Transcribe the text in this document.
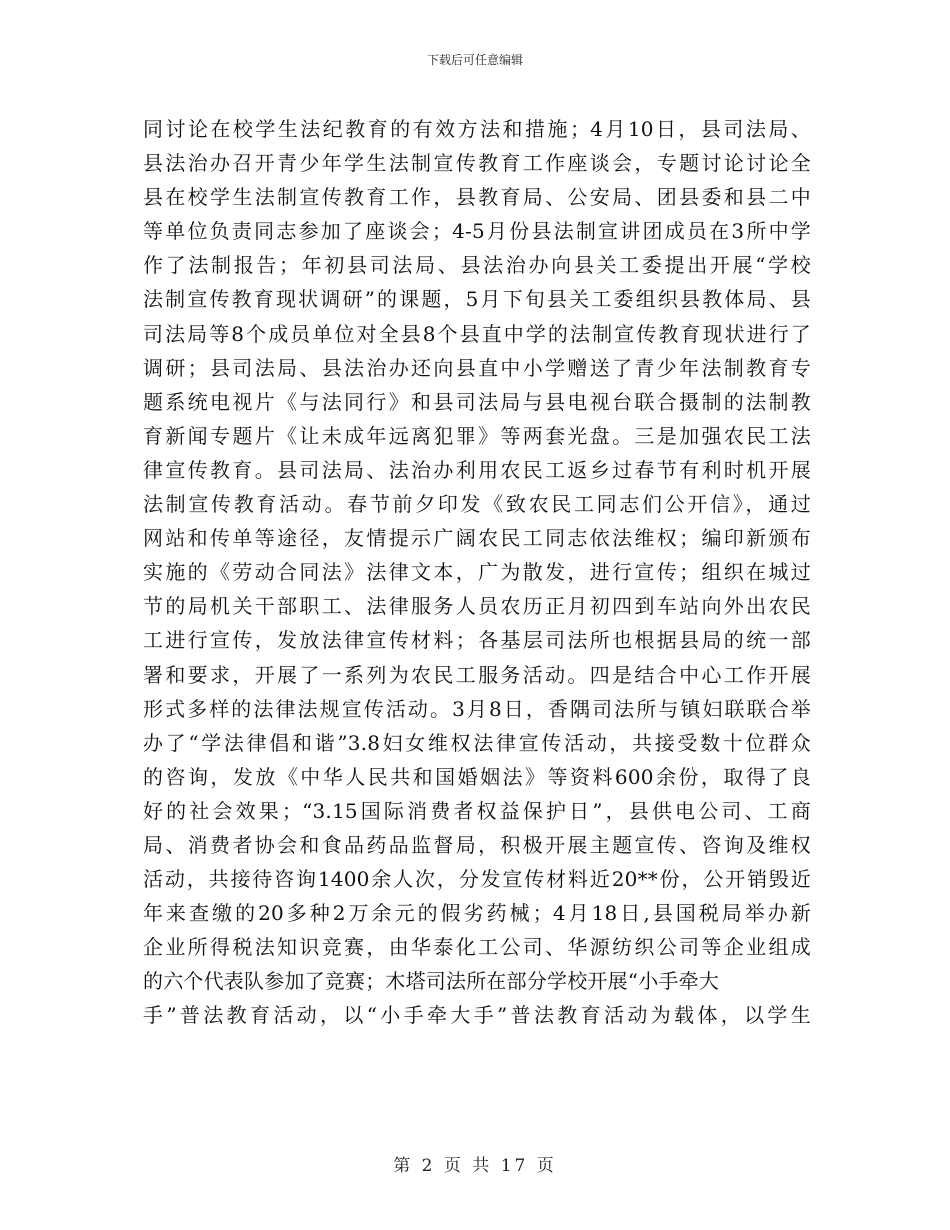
下载后可任意编辑
同讨论在校学生法纪教育的有效方法和措施；4月10日，县司法局、
县法治办召开青少年学生法制宣传教育工作座谈会，专题讨论讨论全
县在校学生法制宣传教育工作，县教育局、公安局、团县委和县二中
等单位负责同志参加了座谈会；4-5月份县法制宣讲团成员在3所中学
作了法制报告；年初县司法局、县法治办向县关工委提出开展“学校
法制宣传教育现状调研”的课题，5月下旬县关工委组织县教体局、县
司法局等8个成员单位对全县8个县直中学的法制宣传教育现状进行了
调研；县司法局、县法治办还向县直中小学赠送了青少年法制教育专
题系统电视片《与法同行》和县司法局与县电视台联合摄制的法制教
育新闻专题片《让未成年远离犯罪》等两套光盘。三是加强农民工法
律宣传教育。县司法局、法治办利用农民工返乡过春节有利时机开展
法制宣传教育活动。春节前夕印发《致农民工同志们公开信》，通过
网站和传单等途径，友情提示广阔农民工同志依法维权；编印新颁布
实施的《劳动合同法》法律文本，广为散发，进行宣传；组织在城过
节的局机关干部职工、法律服务人员农历正月初四到车站向外出农民
工进行宣传，发放法律宣传材料；各基层司法所也根据县局的统一部
署和要求，开展了一系列为农民工服务活动。四是结合中心工作开展
形式多样的法律法规宣传活动。3月8日，香隅司法所与镇妇联联合举
办了“学法律倡和谐”3.8妇女维权法律宣传活动，共接受数十位群众
的咨询，发放《中华人民共和国婚姻法》等资料600余份，取得了良
好的社会效果；“3.15国际消费者权益保护日”，县供电公司、工商
局、消费者协会和食品药品监督局，积极开展主题宣传、咨询及维权
活动，共接待咨询1400余人次，分发宣传材料近20**份，公开销毁近
年来查缴的20多种2万余元的假劣药械；4月18日,县国税局举办新
企业所得税法知识竞赛，由华泰化工公司、华源纺织公司等企业组成
的六个代表队参加了竞赛；木塔司法所在部分学校开展“小手牵大
手”普法教育活动，以“小手牵大手”普法教育活动为载体，以学生
第 2 页 共 17 页
